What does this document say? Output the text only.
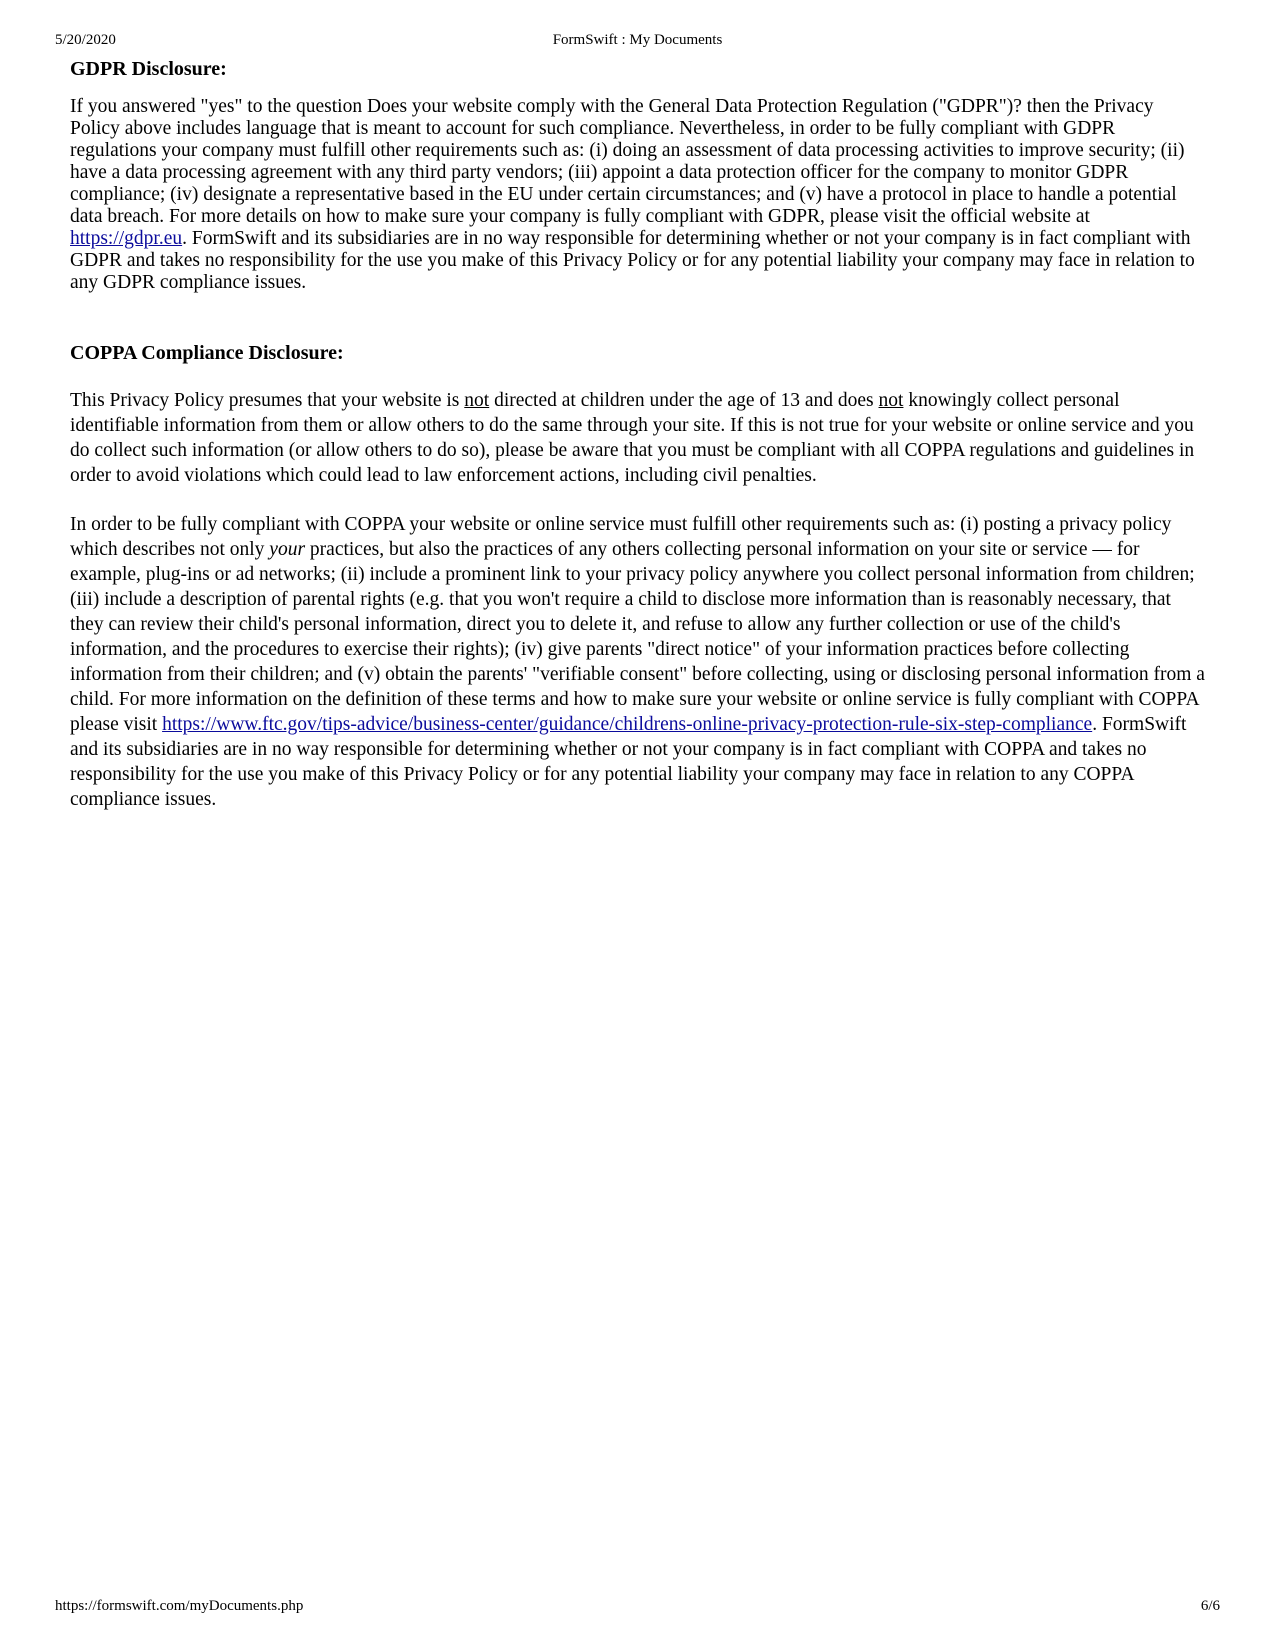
5/20/2020	FormSwift : My Documents
GDPR Disclosure:

If you answered "yes" to the question Does your website comply with the General Data Protection Regulation ("GDPR")? then the Privacy Policy above includes language that is meant to account for such compliance. Nevertheless, in order to be fully compliant with GDPR regulations your company must fulfill other requirements such as: (i) doing an assessment of data processing activities to improve security; (ii) have a data processing agreement with any third party vendors; (iii) appoint a data protection officer for the company to monitor GDPR compliance; (iv) designate a representative based in the EU under certain circumstances; and (v) have a protocol in place to handle a potential data breach. For more details on how to make sure your company is fully compliant with GDPR, please visit the official website at https://gdpr.eu. FormSwift and its subsidiaries are in no way responsible for determining whether or not your company is in fact compliant with GDPR and takes no responsibility for the use you make of this Privacy Policy or for any potential liability your company may face in relation to any GDPR compliance issues.

COPPA Compliance Disclosure:

This Privacy Policy presumes that your website is not directed at children under the age of 13 and does not knowingly collect personal identifiable information from them or allow others to do the same through your site. If this is not true for your website or online service and you do collect such information (or allow others to do so), please be aware that you must be compliant with all COPPA regulations and guidelines in order to avoid violations which could lead to law enforcement actions, including civil penalties.

In order to be fully compliant with COPPA your website or online service must fulfill other requirements such as: (i) posting a privacy policy which describes not only your practices, but also the practices of any others collecting personal information on your site or service — for example, plug-ins or ad networks; (ii) include a prominent link to your privacy policy anywhere you collect personal information from children; (iii) include a description of parental rights (e.g. that you won't require a child to disclose more information than is reasonably necessary, that they can review their child's personal information, direct you to delete it, and refuse to allow any further collection or use of the child's information, and the procedures to exercise their rights); (iv) give parents "direct notice" of your information practices before collecting information from their children; and (v) obtain the parents' "verifiable consent" before collecting, using or disclosing personal information from a child. For more information on the definition of these terms and how to make sure your website or online service is fully compliant with COPPA please visit https://www.ftc.gov/tips-advice/business-center/guidance/childrens-online-privacy-protection-rule-six-step-compliance. FormSwift and its subsidiaries are in no way responsible for determining whether or not your company is in fact compliant with COPPA and takes no responsibility for the use you make of this Privacy Policy or for any potential liability your company may face in relation to any COPPA compliance issues.

https://formswift.com/myDocuments.php	6/6
